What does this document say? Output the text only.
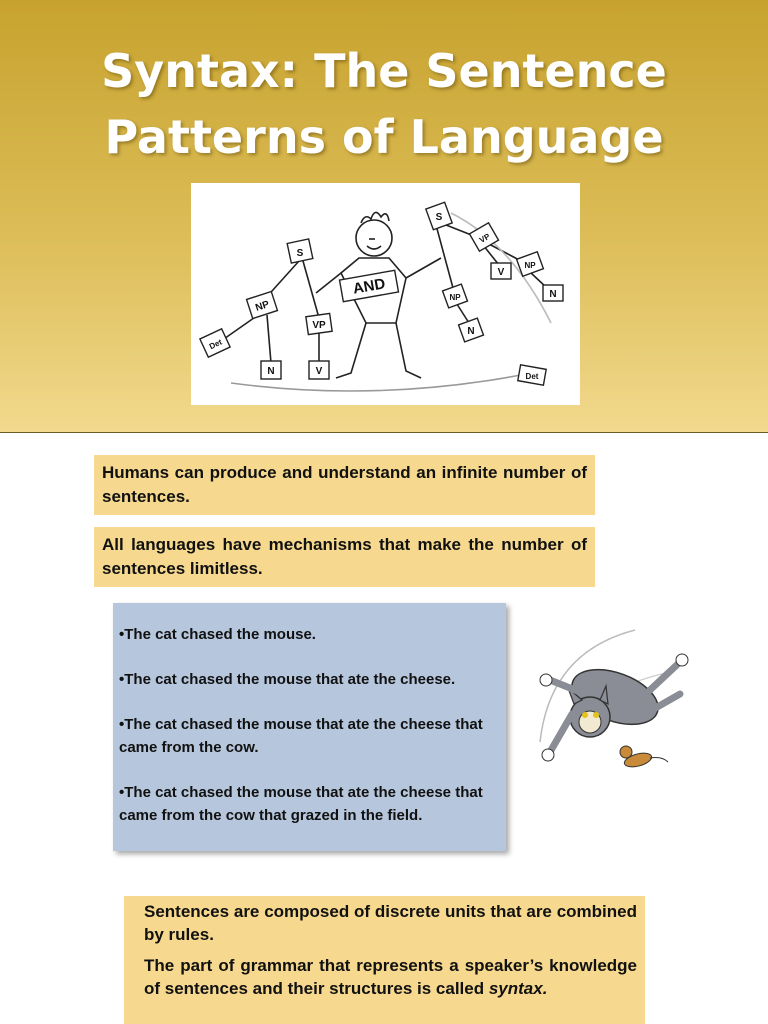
Syntax: The Sentence
Patterns of Language
AND
S
NP
VP
Det
N	V
S
VP
V
NP
N
NP
N
Det

Humans can produce and understand an infinite number of sentences.

All languages have mechanisms that make the number of sentences limitless.

•The cat chased the mouse.
•The cat chased the mouse that ate the cheese.
•The cat chased the mouse that ate the cheese that came from the cow.
•The cat chased the mouse that ate the cheese that came from the cow that grazed in the field.

Sentences are composed of discrete units that are combined by rules.

The part of grammar that represents a speaker’s knowledge of sentences and their structures is called syntax.
